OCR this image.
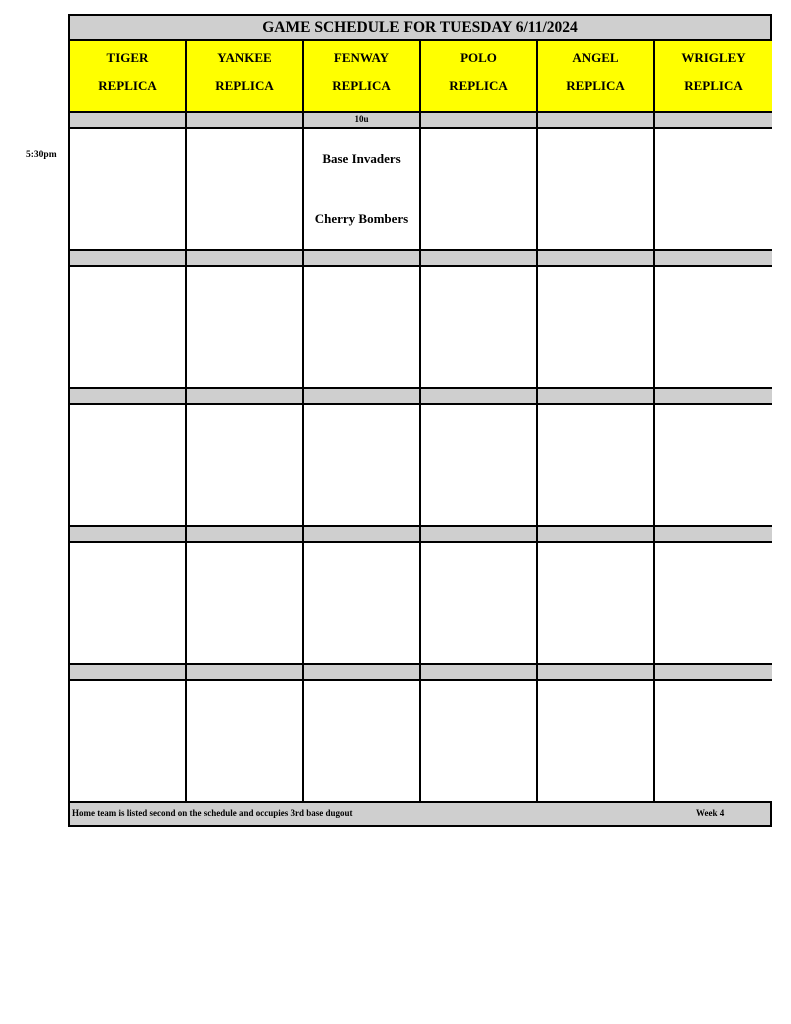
5:30pm
GAME SCHEDULE FOR TUESDAY 6/11/2024
TIGER
REPLICA
YANKEE
REPLICA
FENWAY
REPLICA
POLO
REPLICA
ANGEL
REPLICA
WRIGLEY
REPLICA
10u
Base Invaders
Cherry Bombers
Home team is listed second on the schedule and occupies 3rd base dugout	Week 4
